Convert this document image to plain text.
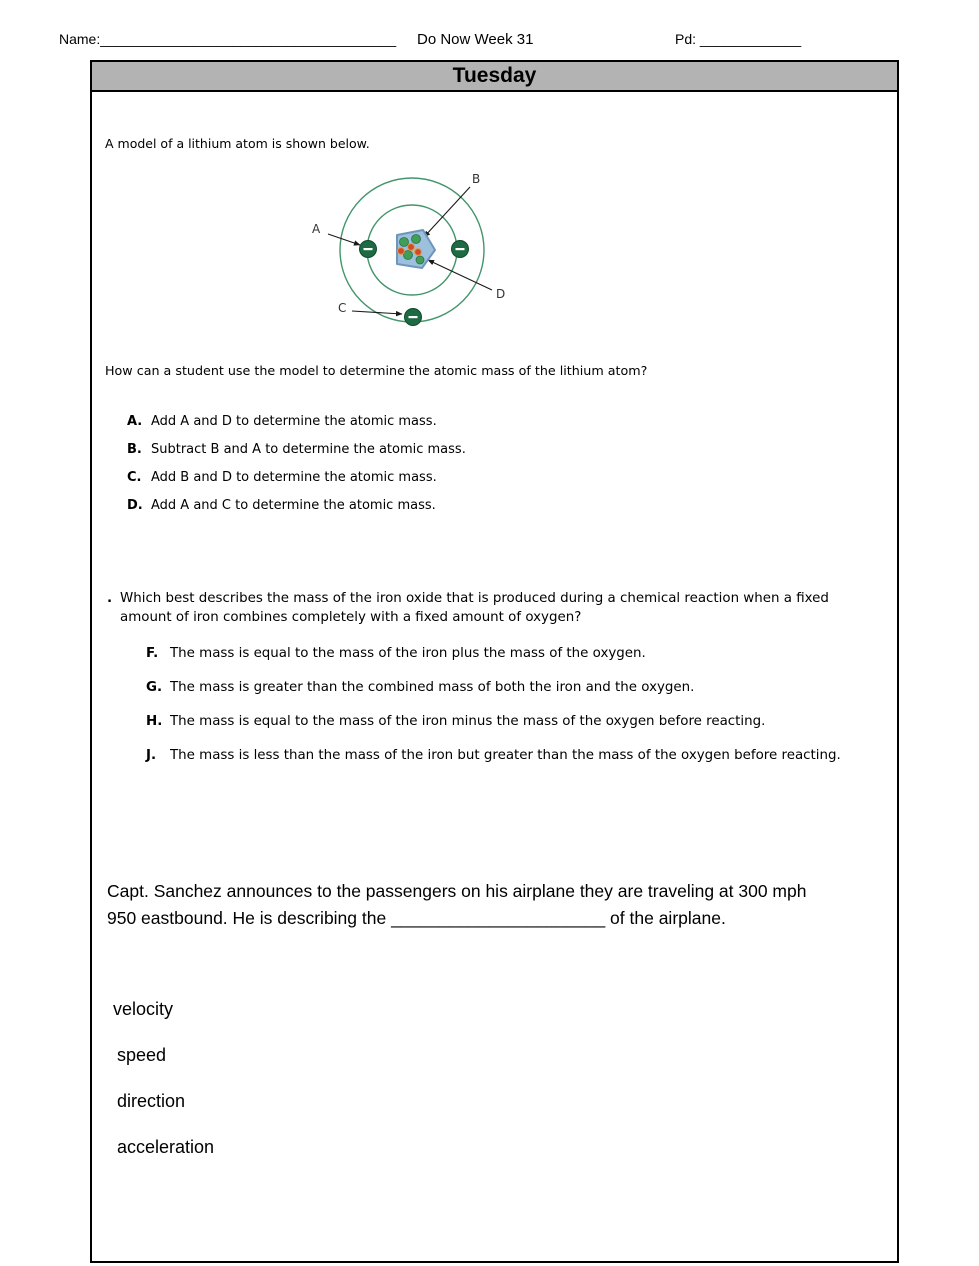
Name:______________________________________ Do Now Week 31	Pd: _____________
Tuesday
A model of a lithium atom is shown below.
A
B
C
D
How can a student use the model to determine the atomic mass of the lithium atom?
A. Add A and D to determine the atomic mass.
B. Subtract B and A to determine the atomic mass.
C. Add B and D to determine the atomic mass.
D. Add A and C to determine the atomic mass.
. Which best describes the mass of the iron oxide that is produced during a chemical reaction when a fixed amount of iron combines completely with a fixed amount of oxygen?
F. The mass is equal to the mass of the iron plus the mass of the oxygen.
G. The mass is greater than the combined mass of both the iron and the oxygen.
H. The mass is equal to the mass of the iron minus the mass of the oxygen before reacting.
J.	The mass is less than the mass of the iron but greater than the mass of the oxygen before reacting.
Capt. Sanchez announces to the passengers on his airplane they are traveling at 300 mph 950 eastbound. He is describing the ______________________ of the airplane.
velocity
speed
direction
acceleration
